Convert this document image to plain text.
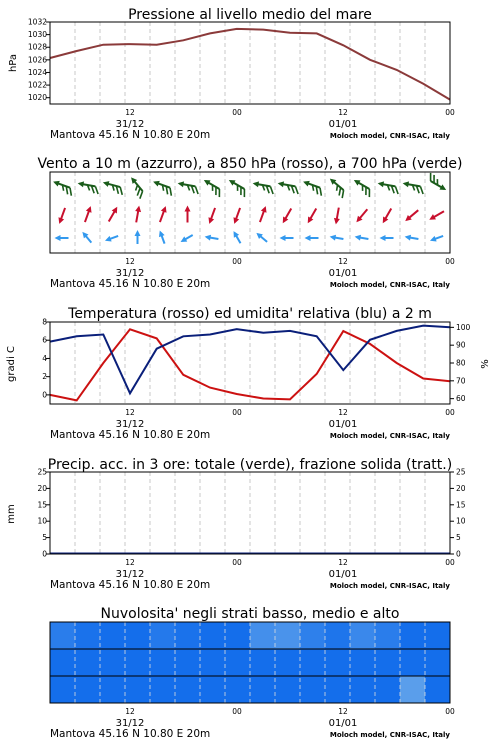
Pressione al livello medio del mare
hPa
1032
1030
1028
1026
1024
1022
1020
Vento a 10 m (azzurro), a 850 hPa (rosso), a 700 hPa (verde)
Temperatura (rosso) ed umidita' relativa (blu) a 2 m
gradi C	%
8
6
4
2
0
100
90
80
70
60
Precip. acc. in 3 ore: totale (verde), frazione solida (tratt.)
mm
25
20
15
10
5
0
25
20
15
10
5
0
Nuvolosita' negli strati basso, medio e alto
12	00	12	00
31/12	01/01
Mantova 45.16 N 10.80 E 20m	Moloch model, CNR-ISAC, Italy
12	00	12	00
31/12	01/01
Mantova 45.16 N 10.80 E 20m	Moloch model, CNR-ISAC, Italy
12	00	12	00
31/12	01/01
Mantova 45.16 N 10.80 E 20m	Moloch model, CNR-ISAC, Italy
12	00	12	00
31/12	01/01
Mantova 45.16 N 10.80 E 20m	Moloch model, CNR-ISAC, Italy
12	00	12	00
31/12	01/01
Mantova 45.16 N 10.80 E 20m	Moloch model, CNR-ISAC, Italy
